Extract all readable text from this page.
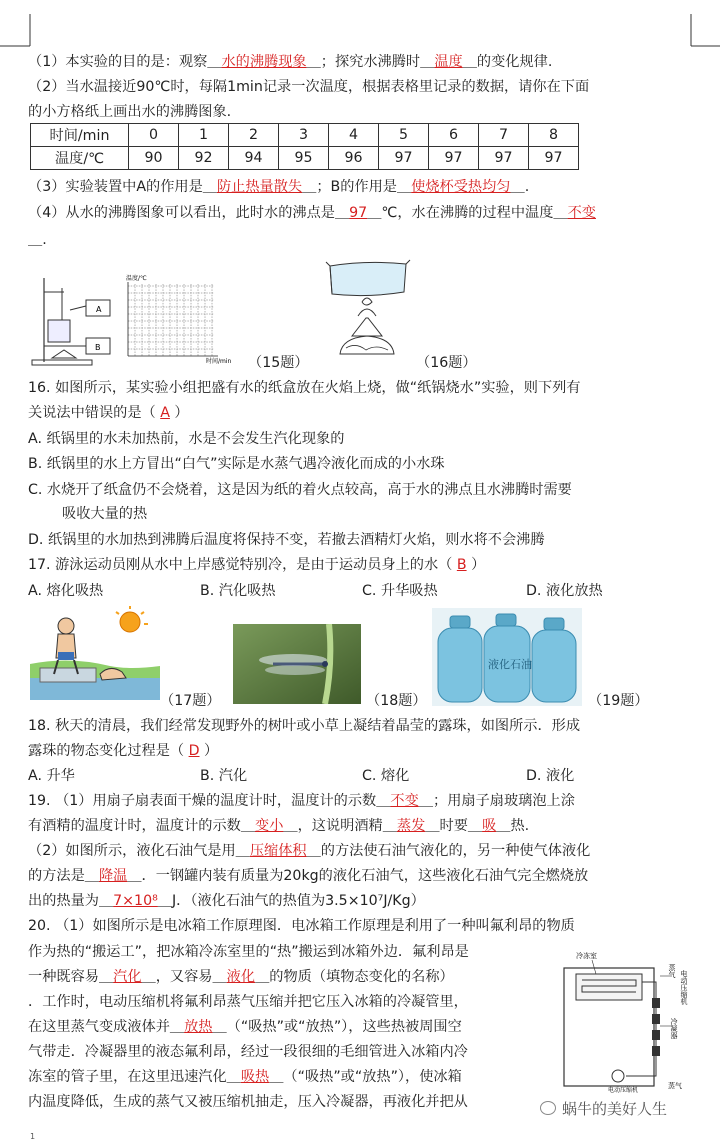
（1）本实验的目的是：观察＿水的沸腾现象＿；探究水沸腾时＿温度＿的变化规律.
（2）当水温接近90℃时，每隔1min记录一次温度，根据表格里记录的数据，请你在下面
的小方格纸上画出水的沸腾图象.
时间/min	0	1	2	3	4	5	6	7	8
温度/℃	90	92	94	95	96	97	97	97	97
（3）实验装置中A的作用是＿防止热量散失＿；B的作用是＿使烧杯受热均匀＿.
（4）从水的沸腾图象可以看出，此时水的沸点是＿97＿℃，水在沸腾的过程中温度＿不变
＿.
A
B
温度/℃
时间/min （15题）	（16题）
16. 如图所示，某实验小组把盛有水的纸盒放在火焰上烧，做“纸锅烧水”实验，则下列有
关说法中错误的是（ A ）
A. 纸锅里的水未加热前，水是不会发生汽化现象的
B. 纸锅里的水上方冒出“白气”实际是水蒸气遇冷液化而成的小水珠
C. 水烧开了纸盒仍不会烧着，这是因为纸的着火点较高，高于水的沸点且水沸腾时需要
吸收大量的热
D. 纸锅里的水加热到沸腾后温度将保持不变，若撤去酒精灯火焰，则水将不会沸腾
17. 游泳运动员刚从水中上岸感觉特别冷，是由于运动员身上的水（ B ）
A. 熔化吸热	B. 汽化吸热	C. 升华吸热	D. 液化放热
（17题）	（18题）
液化石油
（19题）
18. 秋天的清晨，我们经常发现野外的树叶或小草上凝结着晶莹的露珠，如图所示．形成
露珠的物态变化过程是（ D ）
A. 升华	B. 汽化	C. 熔化	D. 液化
19. （1）用扇子扇表面干燥的温度计时，温度计的示数＿不变＿；用扇子扇玻璃泡上涂
有酒精的温度计时，温度计的示数＿变小＿，这说明酒精＿蒸发＿时要＿吸＿热.
（2）如图所示，液化石油气是用＿压缩体积＿的方法使石油气液化的，另一种使气体液化
的方法是＿降温＿．一钢罐内装有质量为20kg的液化石油气，这些液化石油气完全燃烧放
出的热量为＿7×10⁸＿J．（液化石油气的热值为3.5×10⁷J/Kg）
20. （1）如图所示是电冰箱工作原理图．电冰箱工作原理是利用了一种叫氟利昂的物质
作为热的“搬运工”，把冰箱冷冻室里的“热”搬运到冰箱外边．氟利昂是
一种既容易＿汽化＿，又容易＿液化＿的物质（填物态变化的名称）
．工作时，电动压缩机将氟利昂蒸气压缩并把它压入冰箱的冷凝管里，
在这里蒸气变成液体并＿放热＿（“吸热”或“放热”），这些热被周围空
气带走．冷凝器里的液态氟利昂，经过一段很细的毛细管进入冰箱内冷
冻室的管子里，在这里迅速汽化＿吸热＿（“吸热”或“放热”），使冰箱
内温度降低，生成的蒸气又被压缩机抽走，压入冷凝器，再液化并把从
冷冻室
蒸气 电动压缩机
冷凝器
蒸气
电动压缩机
蜗牛的美好人生
1
